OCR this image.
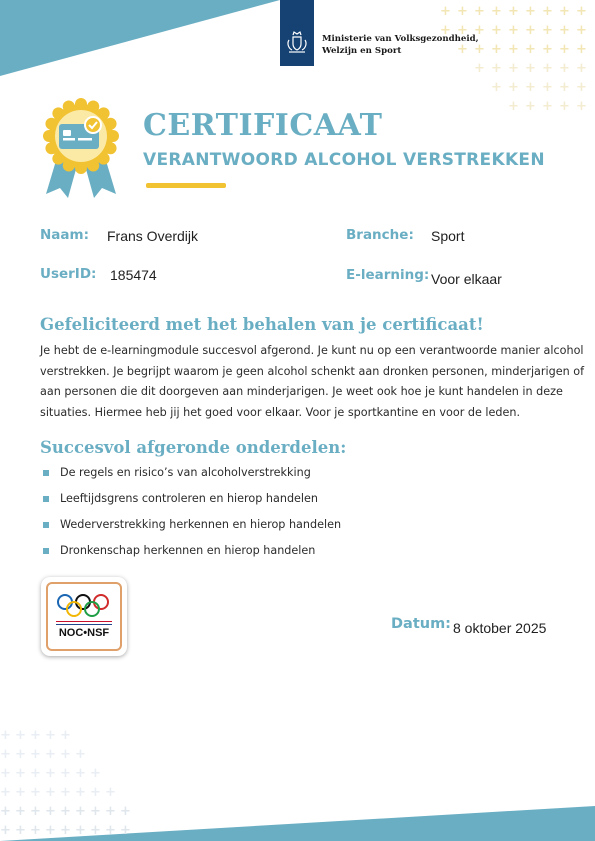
+ + + + + + + + +
+ + + + + + + + +
+ + + + + + + +
+ + + + + + +
+ + + + + +
+ + + + +
+ + + + +
+ + + + + +
+ + + + + + +
+ + + + + + + +
+ + + + + + + + +
+ + + + + + + + +
Ministerie van Volksgezondheid,
Welzijn en Sport
CERTIFICAAT
VERANTWOORD ALCOHOL VERSTREKKEN
Naam: Frans Overdijk	Branche: Sport
UserID: 185474	E-learning: Voor elkaar
Gefeliciteerd met het behalen van je certificaat!
Je hebt de e-learningmodule succesvol afgerond. Je kunt nu op een verantwoorde manier alcohol
verstrekken. Je begrijpt waarom je geen alcohol schenkt aan dronken personen, minderjarigen of
aan personen die dit doorgeven aan minderjarigen. Je weet ook hoe je kunt handelen in deze
situaties. Hiermee heb jij het goed voor elkaar. Voor je sportkantine en voor de leden.
Succesvol afgeronde onderdelen:
De regels en risico’s van alcoholverstrekking
Leeftijdsgrens controleren en hierop handelen
Wederverstrekking herkennen en hierop handelen
Dronkenschap herkennen en hierop handelen
NOC•NSF
Datum: 8 oktober 2025
